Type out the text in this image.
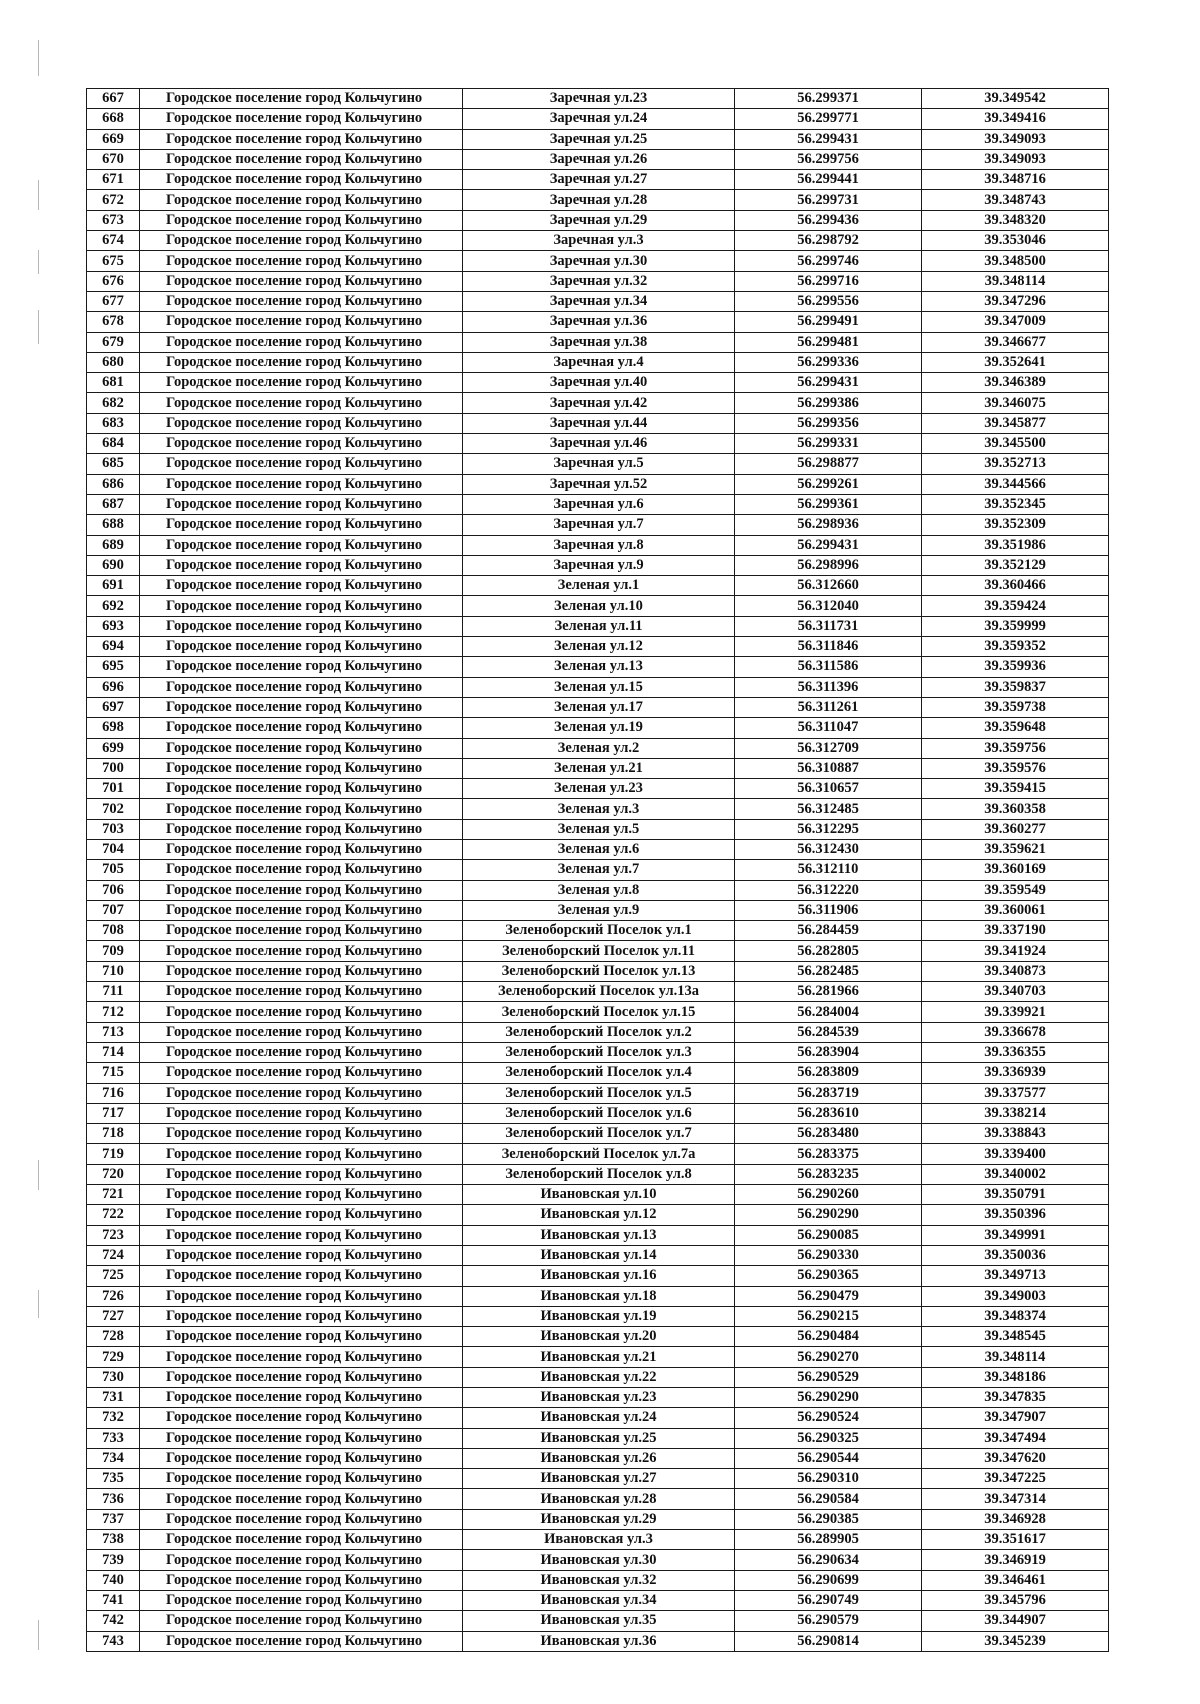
667	Городское поселение город Кольчугино	Заречная ул.23	56.299371	39.349542
668	Городское поселение город Кольчугино	Заречная ул.24	56.299771	39.349416
669	Городское поселение город Кольчугино	Заречная ул.25	56.299431	39.349093
670	Городское поселение город Кольчугино	Заречная ул.26	56.299756	39.349093
671	Городское поселение город Кольчугино	Заречная ул.27	56.299441	39.348716
672	Городское поселение город Кольчугино	Заречная ул.28	56.299731	39.348743
673	Городское поселение город Кольчугино	Заречная ул.29	56.299436	39.348320
674	Городское поселение город Кольчугино	Заречная ул.3	56.298792	39.353046
675	Городское поселение город Кольчугино	Заречная ул.30	56.299746	39.348500
676	Городское поселение город Кольчугино	Заречная ул.32	56.299716	39.348114
677	Городское поселение город Кольчугино	Заречная ул.34	56.299556	39.347296
678	Городское поселение город Кольчугино	Заречная ул.36	56.299491	39.347009
679	Городское поселение город Кольчугино	Заречная ул.38	56.299481	39.346677
680	Городское поселение город Кольчугино	Заречная ул.4	56.299336	39.352641
681	Городское поселение город Кольчугино	Заречная ул.40	56.299431	39.346389
682	Городское поселение город Кольчугино	Заречная ул.42	56.299386	39.346075
683	Городское поселение город Кольчугино	Заречная ул.44	56.299356	39.345877
684	Городское поселение город Кольчугино	Заречная ул.46	56.299331	39.345500
685	Городское поселение город Кольчугино	Заречная ул.5	56.298877	39.352713
686	Городское поселение город Кольчугино	Заречная ул.52	56.299261	39.344566
687	Городское поселение город Кольчугино	Заречная ул.6	56.299361	39.352345
688	Городское поселение город Кольчугино	Заречная ул.7	56.298936	39.352309
689	Городское поселение город Кольчугино	Заречная ул.8	56.299431	39.351986
690	Городское поселение город Кольчугино	Заречная ул.9	56.298996	39.352129
691	Городское поселение город Кольчугино	Зеленая ул.1	56.312660	39.360466
692	Городское поселение город Кольчугино	Зеленая ул.10	56.312040	39.359424
693	Городское поселение город Кольчугино	Зеленая ул.11	56.311731	39.359999
694	Городское поселение город Кольчугино	Зеленая ул.12	56.311846	39.359352
695	Городское поселение город Кольчугино	Зеленая ул.13	56.311586	39.359936
696	Городское поселение город Кольчугино	Зеленая ул.15	56.311396	39.359837
697	Городское поселение город Кольчугино	Зеленая ул.17	56.311261	39.359738
698	Городское поселение город Кольчугино	Зеленая ул.19	56.311047	39.359648
699	Городское поселение город Кольчугино	Зеленая ул.2	56.312709	39.359756
700	Городское поселение город Кольчугино	Зеленая ул.21	56.310887	39.359576
701	Городское поселение город Кольчугино	Зеленая ул.23	56.310657	39.359415
702	Городское поселение город Кольчугино	Зеленая ул.3	56.312485	39.360358
703	Городское поселение город Кольчугино	Зеленая ул.5	56.312295	39.360277
704	Городское поселение город Кольчугино	Зеленая ул.6	56.312430	39.359621
705	Городское поселение город Кольчугино	Зеленая ул.7	56.312110	39.360169
706	Городское поселение город Кольчугино	Зеленая ул.8	56.312220	39.359549
707	Городское поселение город Кольчугино	Зеленая ул.9	56.311906	39.360061
708	Городское поселение город Кольчугино	Зеленоборский Поселок ул.1	56.284459	39.337190
709	Городское поселение город Кольчугино	Зеленоборский Поселок ул.11	56.282805	39.341924
710	Городское поселение город Кольчугино	Зеленоборский Поселок ул.13	56.282485	39.340873
711	Городское поселение город Кольчугино	Зеленоборский Поселок ул.13а	56.281966	39.340703
712	Городское поселение город Кольчугино	Зеленоборский Поселок ул.15	56.284004	39.339921
713	Городское поселение город Кольчугино	Зеленоборский Поселок ул.2	56.284539	39.336678
714	Городское поселение город Кольчугино	Зеленоборский Поселок ул.3	56.283904	39.336355
715	Городское поселение город Кольчугино	Зеленоборский Поселок ул.4	56.283809	39.336939
716	Городское поселение город Кольчугино	Зеленоборский Поселок ул.5	56.283719	39.337577
717	Городское поселение город Кольчугино	Зеленоборский Поселок ул.6	56.283610	39.338214
718	Городское поселение город Кольчугино	Зеленоборский Поселок ул.7	56.283480	39.338843
719	Городское поселение город Кольчугино	Зеленоборский Поселок ул.7а	56.283375	39.339400
720	Городское поселение город Кольчугино	Зеленоборский Поселок ул.8	56.283235	39.340002
721	Городское поселение город Кольчугино	Ивановская ул.10	56.290260	39.350791
722	Городское поселение город Кольчугино	Ивановская ул.12	56.290290	39.350396
723	Городское поселение город Кольчугино	Ивановская ул.13	56.290085	39.349991
724	Городское поселение город Кольчугино	Ивановская ул.14	56.290330	39.350036
725	Городское поселение город Кольчугино	Ивановская ул.16	56.290365	39.349713
726	Городское поселение город Кольчугино	Ивановская ул.18	56.290479	39.349003
727	Городское поселение город Кольчугино	Ивановская ул.19	56.290215	39.348374
728	Городское поселение город Кольчугино	Ивановская ул.20	56.290484	39.348545
729	Городское поселение город Кольчугино	Ивановская ул.21	56.290270	39.348114
730	Городское поселение город Кольчугино	Ивановская ул.22	56.290529	39.348186
731	Городское поселение город Кольчугино	Ивановская ул.23	56.290290	39.347835
732	Городское поселение город Кольчугино	Ивановская ул.24	56.290524	39.347907
733	Городское поселение город Кольчугино	Ивановская ул.25	56.290325	39.347494
734	Городское поселение город Кольчугино	Ивановская ул.26	56.290544	39.347620
735	Городское поселение город Кольчугино	Ивановская ул.27	56.290310	39.347225
736	Городское поселение город Кольчугино	Ивановская ул.28	56.290584	39.347314
737	Городское поселение город Кольчугино	Ивановская ул.29	56.290385	39.346928
738	Городское поселение город Кольчугино	Ивановская ул.3	56.289905	39.351617
739	Городское поселение город Кольчугино	Ивановская ул.30	56.290634	39.346919
740	Городское поселение город Кольчугино	Ивановская ул.32	56.290699	39.346461
741	Городское поселение город Кольчугино	Ивановская ул.34	56.290749	39.345796
742	Городское поселение город Кольчугино	Ивановская ул.35	56.290579	39.344907
743	Городское поселение город Кольчугино	Ивановская ул.36	56.290814	39.345239
